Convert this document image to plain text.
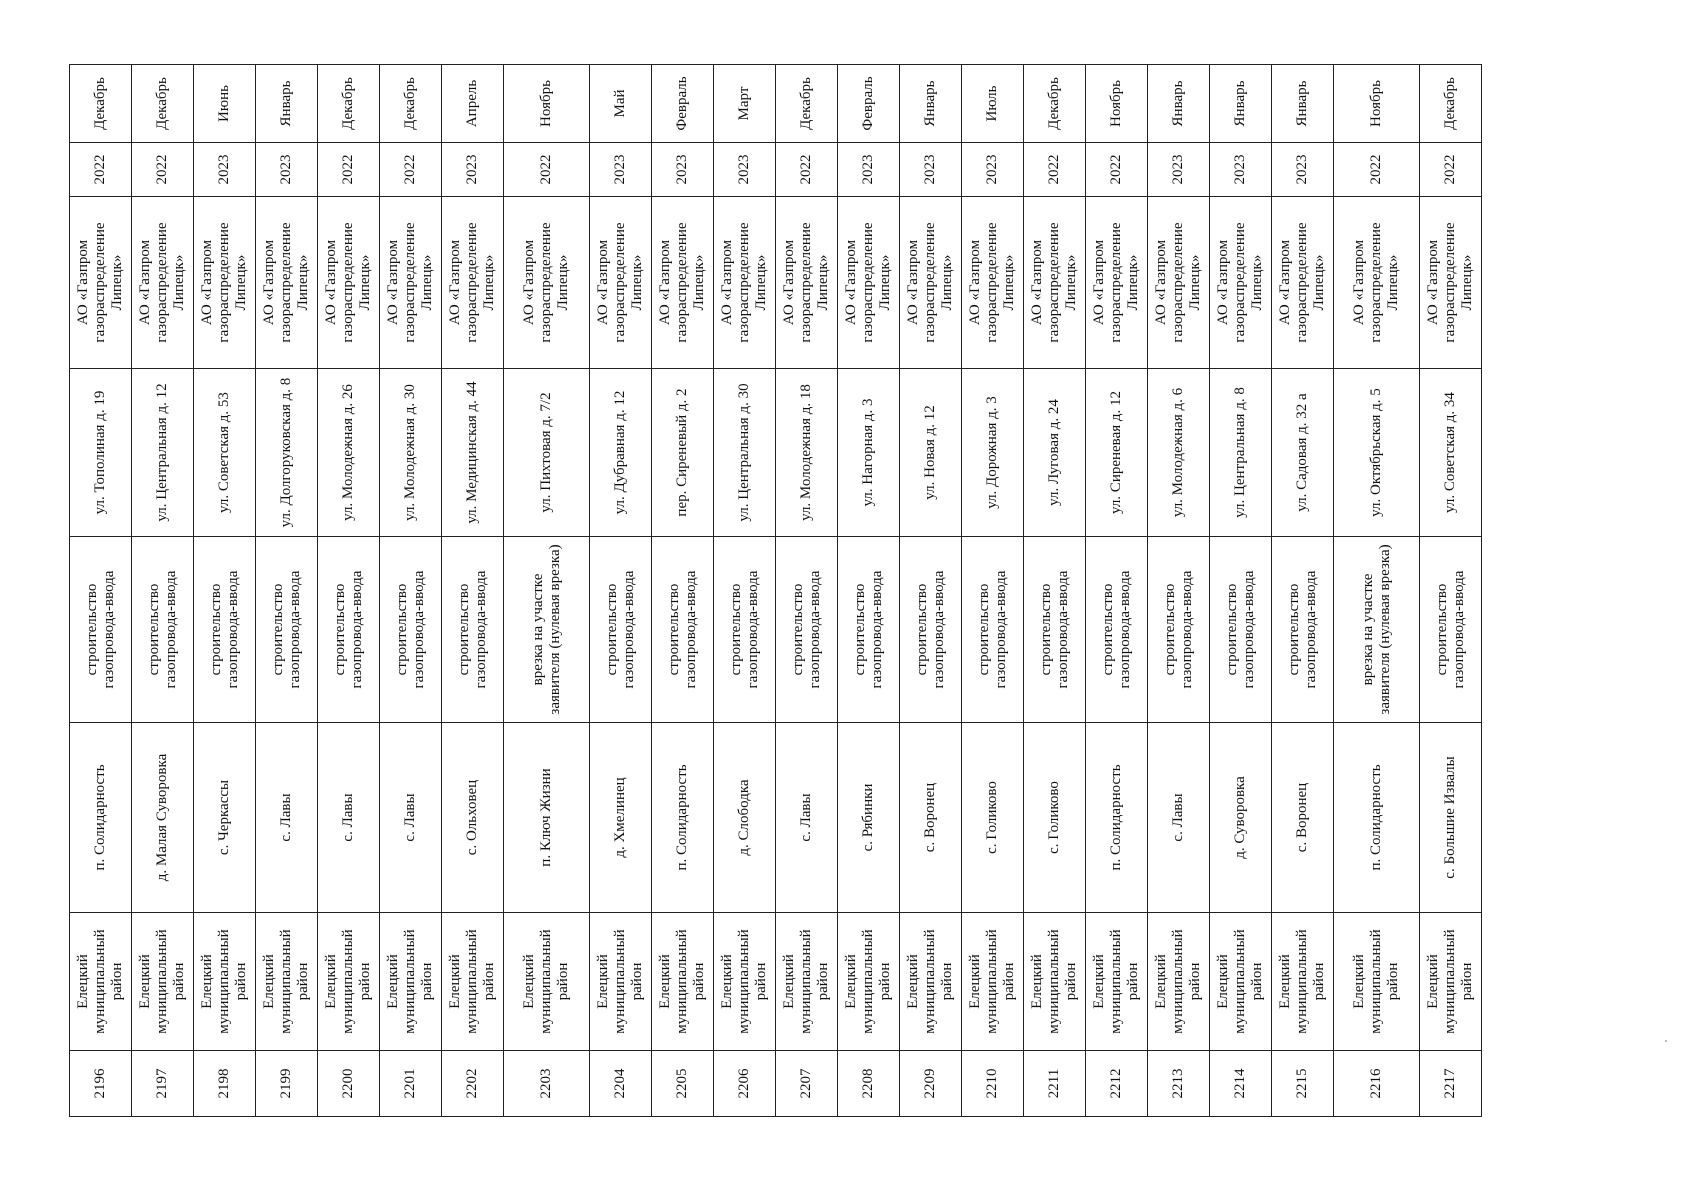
2196	Елецкий муниципальный район	п. Солидарность	строительство газопровода-ввода	ул. Тополиная д. 19	АО «Газпром газораспределение Липецк»	2022	Декабрь
2197	Елецкий муниципальный район	д. Малая Суворовка	строительство газопровода-ввода	ул. Центральная д. 12	АО «Газпром газораспределение Липецк»	2022	Декабрь
2198	Елецкий муниципальный район	с. Черкассы	строительство газопровода-ввода	ул. Советская д. 53	АО «Газпром газораспределение Липецк»	2023	Июнь
2199	Елецкий муниципальный район	с. Лавы	строительство газопровода-ввода	ул. Долгоруковская д. 8	АО «Газпром газораспределение Липецк»	2023	Январь
2200	Елецкий муниципальный район	с. Лавы	строительство газопровода-ввода	ул. Молодежная д. 26	АО «Газпром газораспределение Липецк»	2022	Декабрь
2201	Елецкий муниципальный район	с. Лавы	строительство газопровода-ввода	ул. Молодежная д. 30	АО «Газпром газораспределение Липецк»	2022	Декабрь
2202	Елецкий муниципальный район	с. Ольховец	строительство газопровода-ввода	ул. Медицинская д. 44	АО «Газпром газораспределение Липецк»	2023	Апрель
2203	Елецкий муниципальный район	п. Ключ Жизни	врезка на участке заявителя (нулевая врезка)	ул. Пихтовая д. 7/2	АО «Газпром газораспределение Липецк»	2022	Ноябрь
2204	Елецкий муниципальный район	д. Хмелинец	строительство газопровода-ввода	ул. Дубравная д. 12	АО «Газпром газораспределение Липецк»	2023	Май
2205	Елецкий муниципальный район	п. Солидарность	строительство газопровода-ввода	пер. Сиреневый д. 2	АО «Газпром газораспределение Липецк»	2023	Февраль
2206	Елецкий муниципальный район	д. Слободка	строительство газопровода-ввода	ул. Центральная д. 30	АО «Газпром газораспределение Липецк»	2023	Март
2207	Елецкий муниципальный район	с. Лавы	строительство газопровода-ввода	ул. Молодежная д. 18	АО «Газпром газораспределение Липецк»	2022	Декабрь
2208	Елецкий муниципальный район	с. Рябинки	строительство газопровода-ввода	ул. Нагорная д. 3	АО «Газпром газораспределение Липецк»	2023	Февраль
2209	Елецкий муниципальный район	с. Воронец	строительство газопровода-ввода	ул. Новая д. 12	АО «Газпром газораспределение Липецк»	2023	Январь
2210	Елецкий муниципальный район	с. Голиково	строительство газопровода-ввода	ул. Дорожная д. 3	АО «Газпром газораспределение Липецк»	2023	Июль
2211	Елецкий муниципальный район	с. Голиково	строительство газопровода-ввода	ул. Луговая д. 24	АО «Газпром газораспределение Липецк»	2022	Декабрь
2212	Елецкий муниципальный район	п. Солидарность	строительство газопровода-ввода	ул. Сиреневая д. 12	АО «Газпром газораспределение Липецк»	2022	Ноябрь
2213	Елецкий муниципальный район	с. Лавы	строительство газопровода-ввода	ул. Молодежная д. 6	АО «Газпром газораспределение Липецк»	2023	Январь
2214	Елецкий муниципальный район	д. Суворовка	строительство газопровода-ввода	ул. Центральная д. 8	АО «Газпром газораспределение Липецк»	2023	Январь
2215	Елецкий муниципальный район	с. Воронец	строительство газопровода-ввода	ул. Садовая д. 32 а	АО «Газпром газораспределение Липецк»	2023	Январь
2216	Елецкий муниципальный район	п. Солидарность	врезка на участке заявителя (нулевая врезка)	ул. Октябрьская д. 5	АО «Газпром газораспределение Липецк»	2022	Ноябрь
2217	Елецкий муниципальный район	с. Большие Извалы	строительство газопровода-ввода	ул. Советская д. 34	АО «Газпром газораспределение Липецк»	2022	Декабрь
